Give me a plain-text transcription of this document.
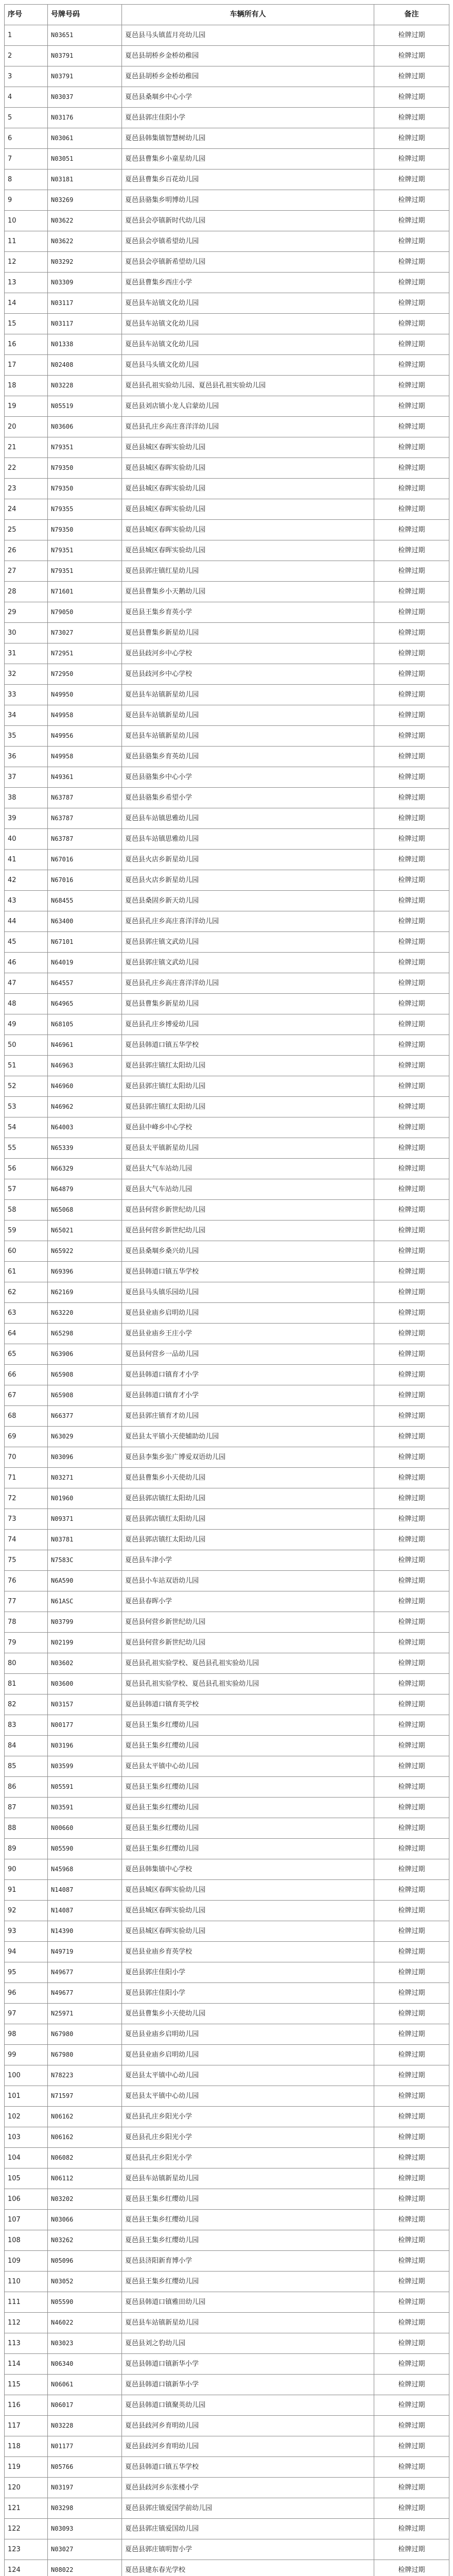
序号	号牌号码	车辆所有人	备注
1	N03651	夏邑县马头镇蓝月亮幼儿园	检牌过期
2	N03791	夏邑县胡桥乡金桥幼稚园	检牌过期
3	N03791	夏邑县胡桥乡金桥幼稚园	检牌过期
4	N03037	夏邑县桑堌乡中心小学	检牌过期
5	N03176	夏邑县郭庄佳阳小学	检牌过期
6	N03061	夏邑县韩集镇智慧树幼儿园	检牌过期
7	N03051	夏邑县曹集乡小童星幼儿园	检牌过期
8	N03181	夏邑县曹集乡百花幼儿园	检牌过期
9	N03269	夏邑县骆集乡明博幼儿园	检牌过期
10	N03622	夏邑县会亭镇新时代幼儿园	检牌过期
11	N03622	夏邑县会亭镇希望幼儿园	检牌过期
12	N03292	夏邑县会亭镇新希望幼儿园	检牌过期
13	N03309	夏邑县曹集乡西庄小学	检牌过期
14	N03117	夏邑县车站镇文化幼儿园	检牌过期
15	N03117	夏邑县车站镇文化幼儿园	检牌过期
16	N01338	夏邑县车站镇文化幼儿园	检牌过期
17	N02408	夏邑县马头镇文化幼儿园	检牌过期
18	N03228	夏邑县孔祖实验幼儿园、夏邑县孔祖实验幼儿园	检牌过期
19	N05519	夏邑县刘店镇小龙人启蒙幼儿园	检牌过期
20	N03606	夏邑县孔庄乡高庄喜洋洋幼儿园	检牌过期
21	N79351	夏邑县城区春晖实验幼儿园	检牌过期
22	N79350	夏邑县城区春晖实验幼儿园	检牌过期
23	N79350	夏邑县城区春晖实验幼儿园	检牌过期
24	N79355	夏邑县城区春晖实验幼儿园	检牌过期
25	N79350	夏邑县城区春晖实验幼儿园	检牌过期
26	N79351	夏邑县城区春晖实验幼儿园	检牌过期
27	N79351	夏邑县郭庄镇红星幼儿园	检牌过期
28	N71601	夏邑县曹集乡小天鹅幼儿园	检牌过期
29	N79050	夏邑县王集乡育英小学	检牌过期
30	N73027	夏邑县曹集乡新星幼儿园	检牌过期
31	N72951	夏邑县歧河乡中心学校	检牌过期
32	N72950	夏邑县歧河乡中心学校	检牌过期
33	N49950	夏邑县车站镇新星幼儿园	检牌过期
34	N49958	夏邑县车站镇新星幼儿园	检牌过期
35	N49956	夏邑县车站镇新星幼儿园	检牌过期
36	N49958	夏邑县骆集乡育英幼儿园	检牌过期
37	N49361	夏邑县骆集乡中心小学	检牌过期
38	N63787	夏邑县骆集乡希望小学	检牌过期
39	N63787	夏邑县车站镇思雅幼儿园	检牌过期
40	N63787	夏邑县车站镇思雅幼儿园	检牌过期
41	N67016	夏邑县火店乡新星幼儿园	检牌过期
42	N67016	夏邑县火店乡新星幼儿园	检牌过期
43	N68455	夏邑县桑固乡新天幼儿园	检牌过期
44	N63400	夏邑县孔庄乡高庄喜洋洋幼儿园	检牌过期
45	N67101	夏邑县郭庄镇文武幼儿园	检牌过期
46	N64019	夏邑县郭庄镇文武幼儿园	检牌过期
47	N64557	夏邑县孔庄乡高庄喜洋洋幼儿园	检牌过期
48	N64965	夏邑县曹集乡新星幼儿园	检牌过期
49	N68105	夏邑县孔庄乡博爱幼儿园	检牌过期
50	N46961	夏邑县韩道口镇五华学校	检牌过期
51	N46963	夏邑县郭庄镇红太阳幼儿园	检牌过期
52	N46960	夏邑县郭庄镇红太阳幼儿园	检牌过期
53	N46962	夏邑县郭庄镇红太阳幼儿园	检牌过期
54	N64003	夏邑县中峰乡中心学校	检牌过期
55	N65339	夏邑县太平镇新星幼儿园	检牌过期
56	N66329	夏邑县大气车站幼儿园	检牌过期
57	N64879	夏邑县大气车站幼儿园	检牌过期
58	N65068	夏邑县何营乡新世纪幼儿园	检牌过期
59	N65021	夏邑县何营乡新世纪幼儿园	检牌过期
60	N65922	夏邑县桑堌乡桑兴幼儿园	检牌过期
61	N69396	夏邑县韩道口镇五华学校	检牌过期
62	N62169	夏邑县马头镇乐园幼儿园	检牌过期
63	N63220	夏邑县业庙乡启明幼儿园	检牌过期
64	N65298	夏邑县业庙乡王庄小学	检牌过期
65	N63906	夏邑县何营乡一品幼儿园	检牌过期
66	N65908	夏邑县韩道口镇育才小学	检牌过期
67	N65908	夏邑县韩道口镇育才小学	检牌过期
68	N66377	夏邑县郭庄镇育才幼儿园	检牌过期
69	N63029	夏邑县太平镇小天使辅助幼儿园	检牌过期
70	N03096	夏邑县李集乡张广博爱双语幼儿园	检牌过期
71	N03271	夏邑县曹集乡小天使幼儿园	检牌过期
72	N01960	夏邑县郭店镇红太阳幼儿园	检牌过期
73	N09371	夏邑县郭店镇红太阳幼儿园	检牌过期
74	N03781	夏邑县郭店镇红太阳幼儿园	检牌过期
75	N7583C	夏邑县车津小学	检牌过期
76	N6A590	夏邑县小车站双语幼儿园	检牌过期
77	N61ASC	夏邑县春晖小学	检牌过期
78	N03799	夏邑县何营乡新世纪幼儿园	检牌过期
79	N02199	夏邑县何营乡新世纪幼儿园	检牌过期
80	N03602	夏邑县孔祖实验学校、夏邑县孔祖实验幼儿园	检牌过期
81	N03600	夏邑县孔祖实验学校、夏邑县孔祖实验幼儿园	检牌过期
82	N03157	夏邑县韩道口镇育英学校	检牌过期
83	N00177	夏邑县王集乡红缨幼儿园	检牌过期
84	N03196	夏邑县王集乡红缨幼儿园	检牌过期
85	N03599	夏邑县太平镇中心幼儿园	检牌过期
86	N05591	夏邑县王集乡红缨幼儿园	检牌过期
87	N03591	夏邑县王集乡红缨幼儿园	检牌过期
88	N00660	夏邑县王集乡红缨幼儿园	检牌过期
89	N05590	夏邑县王集乡红缨幼儿园	检牌过期
90	N45968	夏邑县韩集镇中心学校	检牌过期
91	N14087	夏邑县城区春晖实验幼儿园	检牌过期
92	N14087	夏邑县城区春晖实验幼儿园	检牌过期
93	N14390	夏邑县城区春晖实验幼儿园	检牌过期
94	N49719	夏邑县业庙乡育英学校	检牌过期
95	N49677	夏邑县郭庄佳阳小学	检牌过期
96	N49677	夏邑县郭庄佳阳小学	检牌过期
97	N25971	夏邑县曹集乡小天使幼儿园	检牌过期
98	N67980	夏邑县业庙乡启明幼儿园	检牌过期
99	N67980	夏邑县业庙乡启明幼儿园	检牌过期
100	N78223	夏邑县太平镇中心幼儿园	检牌过期
101	N71597	夏邑县太平镇中心幼儿园	检牌过期
102	N06162	夏邑县孔庄乡阳光小学	检牌过期
103	N06162	夏邑县孔庄乡阳光小学	检牌过期
104	N06082	夏邑县孔庄乡阳光小学	检牌过期
105	N06112	夏邑县车站镇新星幼儿园	检牌过期
106	N03202	夏邑县王集乡红缨幼儿园	检牌过期
107	N03066	夏邑县王集乡红缨幼儿园	检牌过期
108	N03262	夏邑县王集乡红缨幼儿园	检牌过期
109	N05096	夏邑县济阳新育博小学	检牌过期
110	N03052	夏邑县王集乡红缨幼儿园	检牌过期
111	N05590	夏邑县韩道口镇雅田幼儿园	检牌过期
112	N46022	夏邑县车站镇新星幼儿园	检牌过期
113	N03023	夏邑县刘之豹幼儿园	检牌过期
114	N06340	夏邑县韩道口镇新华小学	检牌过期
115	N06061	夏邑县韩道口镇新华小学	检牌过期
116	N06017	夏邑县韩道口镇聚英幼儿园	检牌过期
117	N03228	夏邑县歧河乡育明幼儿园	检牌过期
118	N01177	夏邑县歧河乡育明幼儿园	检牌过期
119	N05766	夏邑县韩道口镇五华学校	检牌过期
120	N03197	夏邑县歧河乡东张楼小学	检牌过期
121	N03298	夏邑县郭庄镇爱国学前幼儿园	检牌过期
122	N03093	夏邑县郭庄镇爱国幼儿园	检牌过期
123	N03027	夏邑县郭庄镇明智小学	检牌过期
124	N08022	夏邑县建东春光学校	检牌过期
